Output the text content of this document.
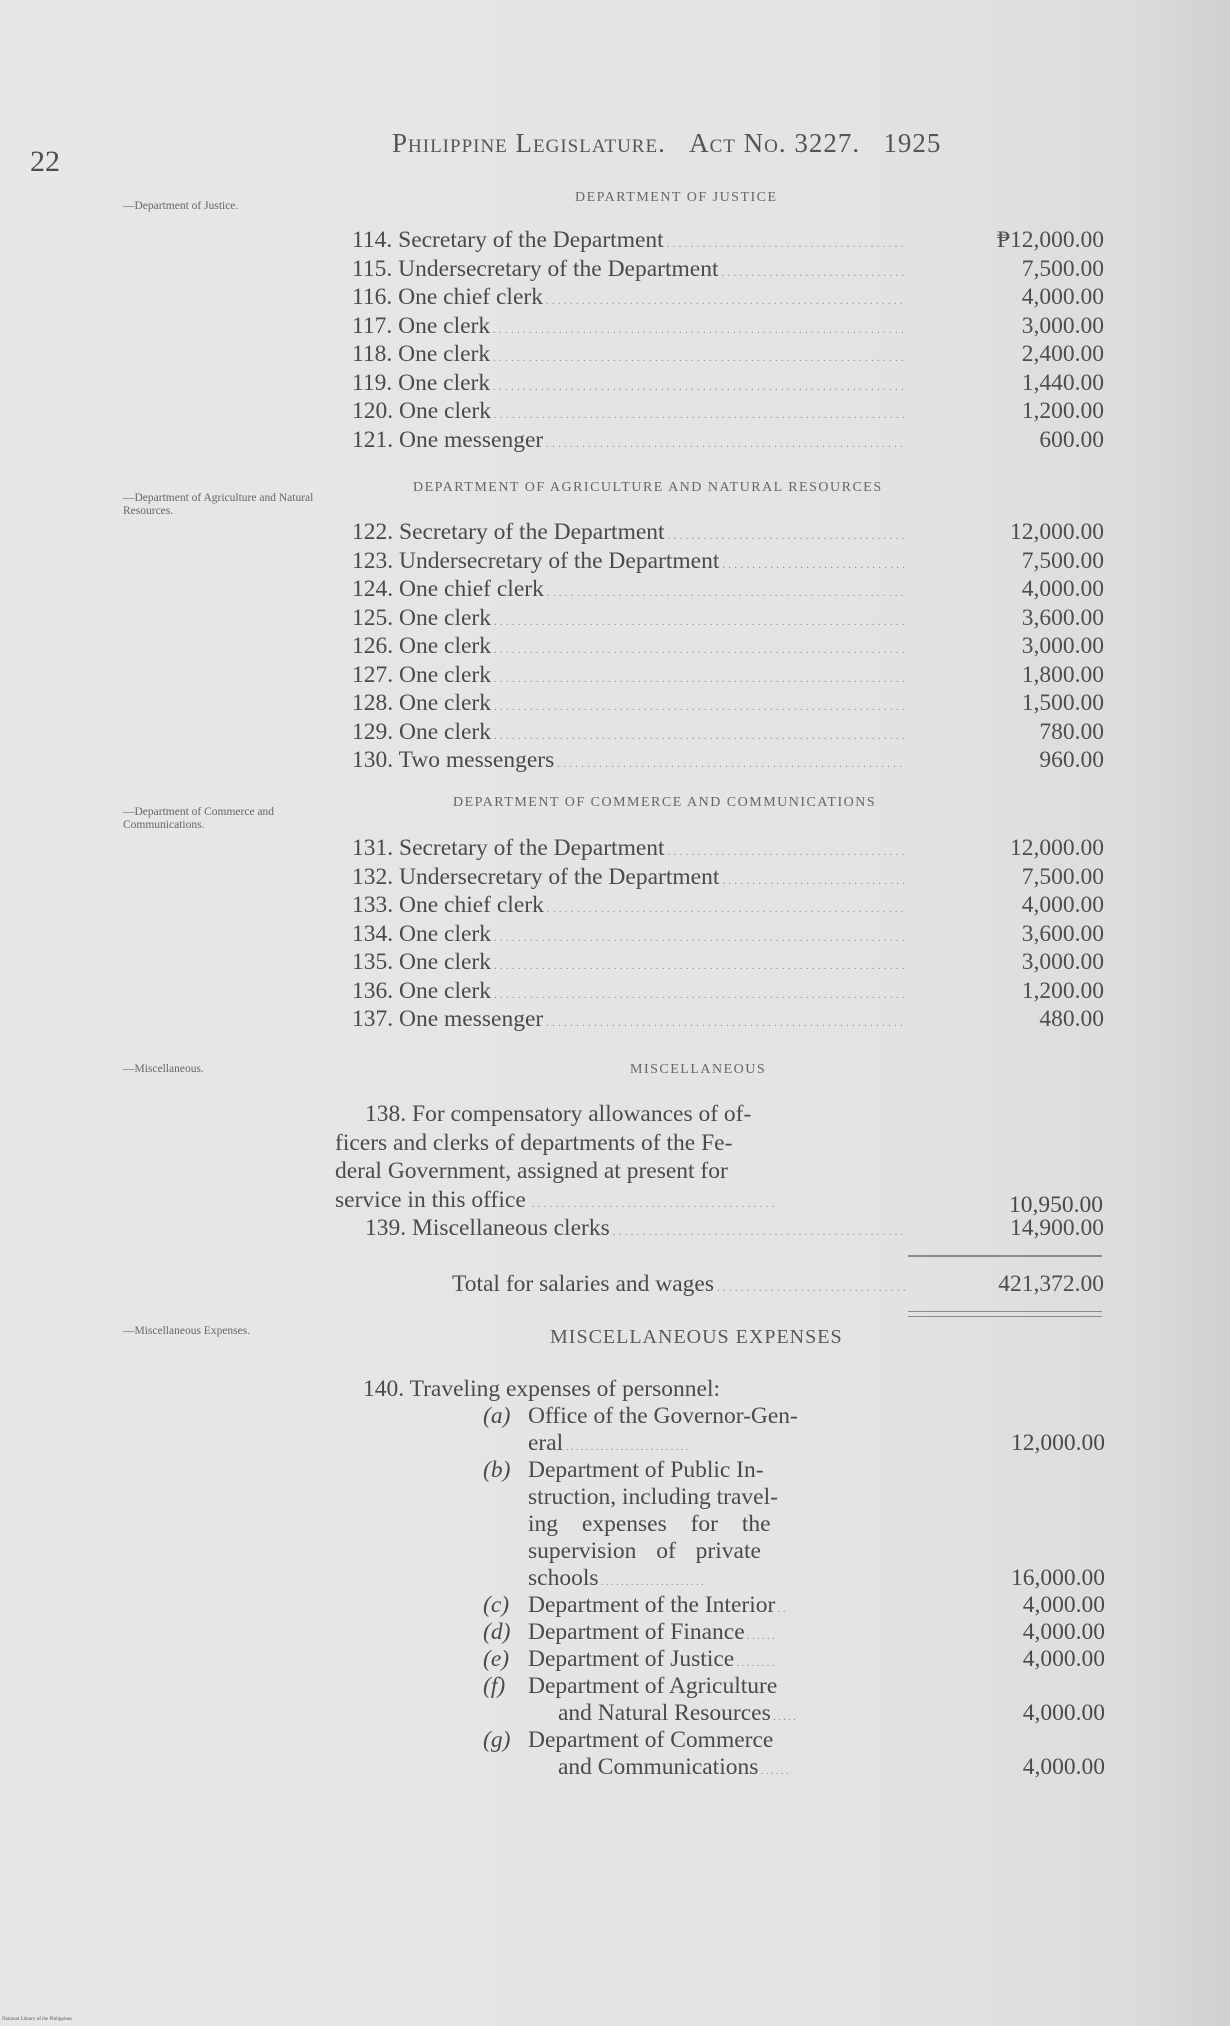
22
Philippine Legislature. Act No. 3227. 1925
—Department of Justice.
DEPARTMENT OF JUSTICE
114. Secretary of the Department . . .	₱12,000.00
115. Undersecretary of the Department . . .	7,500.00
116. One chief clerk . . .	4,000.00
117. One clerk . . .	3,000.00
118. One clerk . . .	2,400.00
119. One clerk . . .	1,440.00
120. One clerk . . .	1,200.00
121. One messenger . . .	600.00
—Department of Agriculture and Natural Resources.
DEPARTMENT OF AGRICULTURE AND NATURAL RESOURCES
122. Secretary of the Department . . .	12,000.00
123. Undersecretary of the Department . . .	7,500.00
124. One chief clerk . . .	4,000.00
125. One clerk . . .	3,600.00
126. One clerk . . .	3,000.00
127. One clerk . . .	1,800.00
128. One clerk . . .	1,500.00
129. One clerk . . .	780.00
130. Two messengers . . .	960.00
—Department of Commerce and Communications.
DEPARTMENT OF COMMERCE AND COMMUNICATIONS
131. Secretary of the Department . . .	12,000.00
132. Undersecretary of the Department . . .	7,500.00
133. One chief clerk . . .	4,000.00
134. One clerk . . .	3,600.00
135. One clerk . . .	3,000.00
136. One clerk . . .	1,200.00
137. One messenger . . .	480.00
—Miscellaneous.	MISCELLANEOUS
138. For compensatory allowances of of-
ficers and clerks of departments of the Fe-
deral Government, assigned at present for
service in this office . . . . . . . . . . . . . . . . . . . . . . . . . . . . . . . . . . . . . . . . .	10,950.00
139. Miscellaneous clerks . . .	14,900.00
Total for salaries and wages . . .	421,372.00
—Miscellaneous Expenses.	MISCELLANEOUS EXPENSES
140. Traveling expenses of personnel:
(a) Office of the Governor-Gen-
eral . . . . . . . . . . . . . . . . . . . . . . . . .	12,000.00
(b) Department of Public In-
struction, including travel-
ing expenses for the
supervision of private
schools . . . . . . . . . . . . . . . . . . . . .	16,000.00
(c) Department of the Interior . .	4,000.00
(d) Department of Finance . . . . . .	4,000.00
(e) Department of Justice . . . . . . . .	4,000.00
(f) Department of Agriculture
and Natural Resources . . . . .	4,000.00
(g) Department of Commerce
and Communications . . . . . .	4,000.00
National Library of the Philippines
